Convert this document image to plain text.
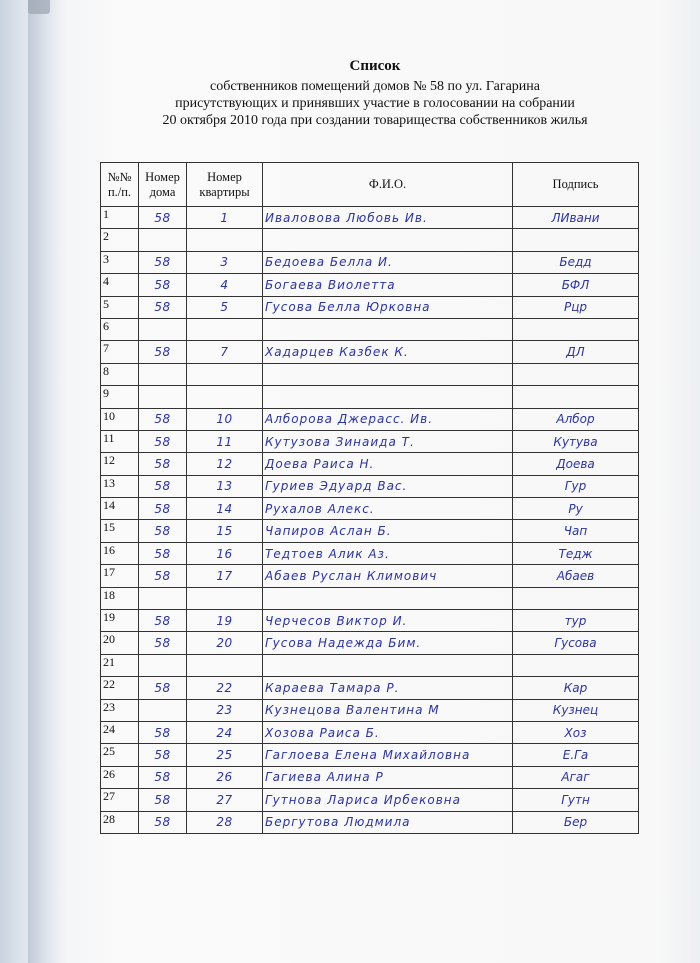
Список
собственников помещений домов № 58 по ул. Гагарина
присутствующих и принявших участие в голосовании на собрании
20 октября 2010 года при создании товарищества собственников жилья
№№ п./п.	Номер дома	Номер квартиры	Ф.И.О.	Подпись
1	58	1	Иваловова Любовь Ив.	ЛИвани
2				
3	58	3	Бедоева Белла И.	Бедд
4	58	4	Богаева Виолетта	БФЛ
5	58	5	Гусова Белла Юрковна	Рцр
6				
7	58	7	Хадарцев Казбек К.	ДЛ
8				
9				
10	58	10	Алборова Джерасс. Ив.	Албор
11	58	11	Кутузова Зинаида Т.	Кутува
12	58	12	Доева Раиса Н.	Доева
13	58	13	Гуриев Эдуард Вас.	Гур
14	58	14	Рухалов Алекс.	Ру
15	58	15	Чапиров Аслан Б.	Чап
16	58	16	Тедтоев Алик Аз.	Тедж
17	58	17	Абаев Руслан Климович	Абаев
18				
19	58	19	Черчесов Виктор И.	тур
20	58	20	Гусова Надежда Бим.	Гусова
21				
22	58	22	Караева Тамара Р.	Кар
23		23	Кузнецова Валентина М	Кузнец
24	58	24	Хозова Раиса Б.	Хоз
25	58	25	Гаглоева Елена Михайловна	Е.Га
26	58	26	Гагиева Алина Р	Агаг
27	58	27	Гутнова Лариса Ирбековна	Гутн
28	58	28	Бергутова Людмила	Бер
